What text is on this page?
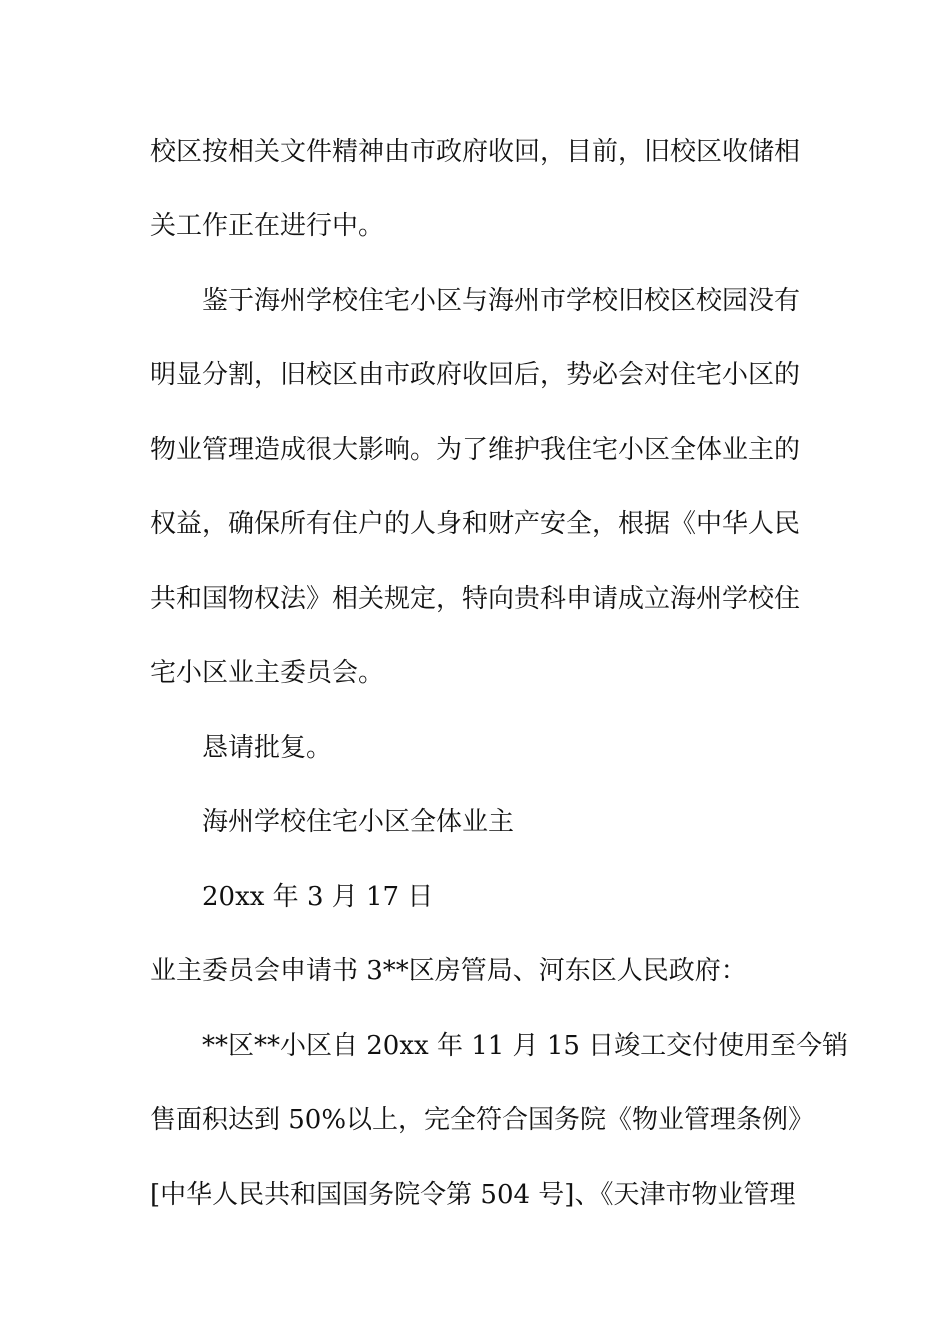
校区按相关文件精神由市政府收回，目前，旧校区收储相
关工作正在进行中。
鉴于海州学校住宅小区与海州市学校旧校区校园没有
明显分割，旧校区由市政府收回后，势必会对住宅小区的
物业管理造成很大影响。为了维护我住宅小区全体业主的
权益，确保所有住户的人身和财产安全，根据《中华人民
共和国物权法》相关规定，特向贵科申请成立海州学校住
宅小区业主委员会。
恳请批复。
海州学校住宅小区全体业主
20xx 年 3 月 17 日
业主委员会申请书 3**区房管局、河东区人民政府：
**区**小区自 20xx 年 11 月 15 日竣工交付使用至今销
售面积达到 50%以上，完全符合国务院《物业管理条例》
[中华人民共和国国务院令第 504 号]、《天津市物业管理
